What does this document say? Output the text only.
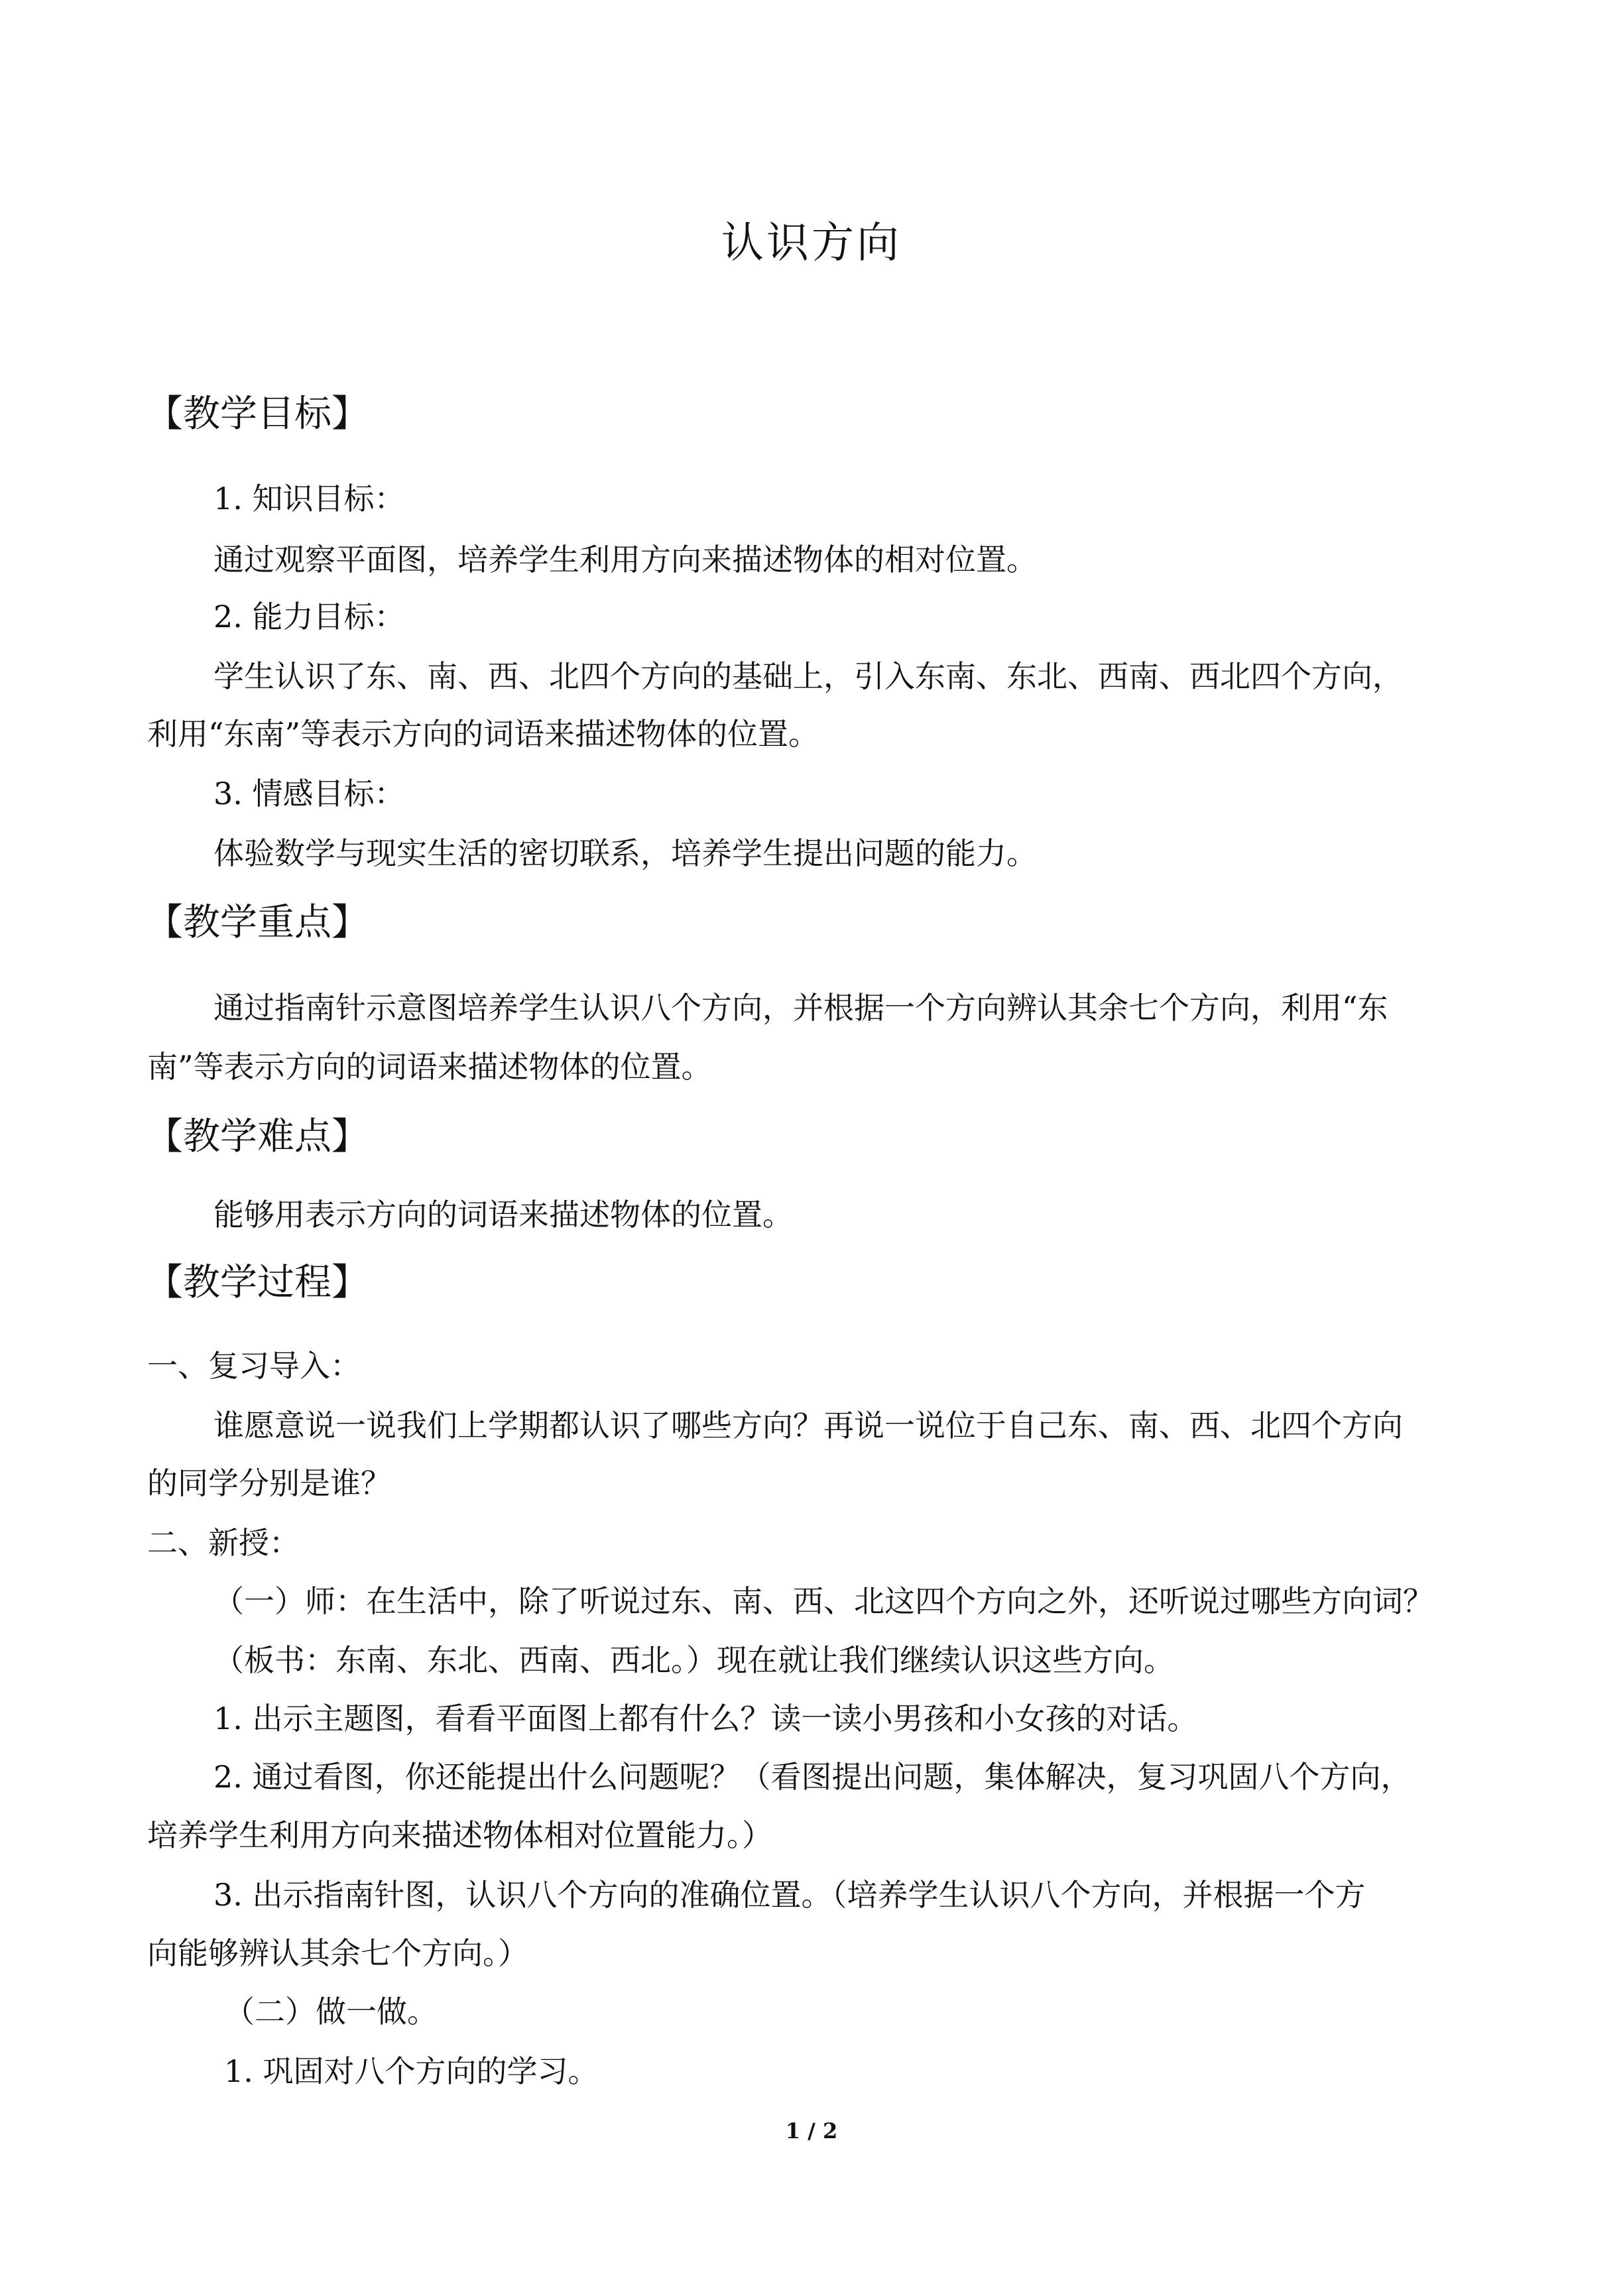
认识方向
【教学目标】
1. 知识目标：
通过观察平面图，培养学生利用方向来描述物体的相对位置。
2. 能力目标：
学生认识了东、南、西、北四个方向的基础上，引入东南、东北、西南、西北四个方向，
利用“东南”等表示方向的词语来描述物体的位置。
3. 情感目标：
体验数学与现实生活的密切联系，培养学生提出问题的能力。
【教学重点】
通过指南针示意图培养学生认识八个方向，并根据一个方向辨认其余七个方向，利用“东
南”等表示方向的词语来描述物体的位置。
【教学难点】
能够用表示方向的词语来描述物体的位置。
【教学过程】
一、复习导入：
谁愿意说一说我们上学期都认识了哪些方向？再说一说位于自己东、南、西、北四个方向
的同学分别是谁？
二、新授：
（一）师：在生活中，除了听说过东、南、西、北这四个方向之外，还听说过哪些方向词？
（板书：东南、东北、西南、西北。）现在就让我们继续认识这些方向。
1. 出示主题图，看看平面图上都有什么？读一读小男孩和小女孩的对话。
2. 通过看图，你还能提出什么问题呢？（看图提出问题，集体解决，复习巩固八个方向，
培养学生利用方向来描述物体相对位置能力。）
3. 出示指南针图，认识八个方向的准确位置。（培养学生认识八个方向，并根据一个方
向能够辨认其余七个方向。）
（二）做一做。
1. 巩固对八个方向的学习。
1 / 2
